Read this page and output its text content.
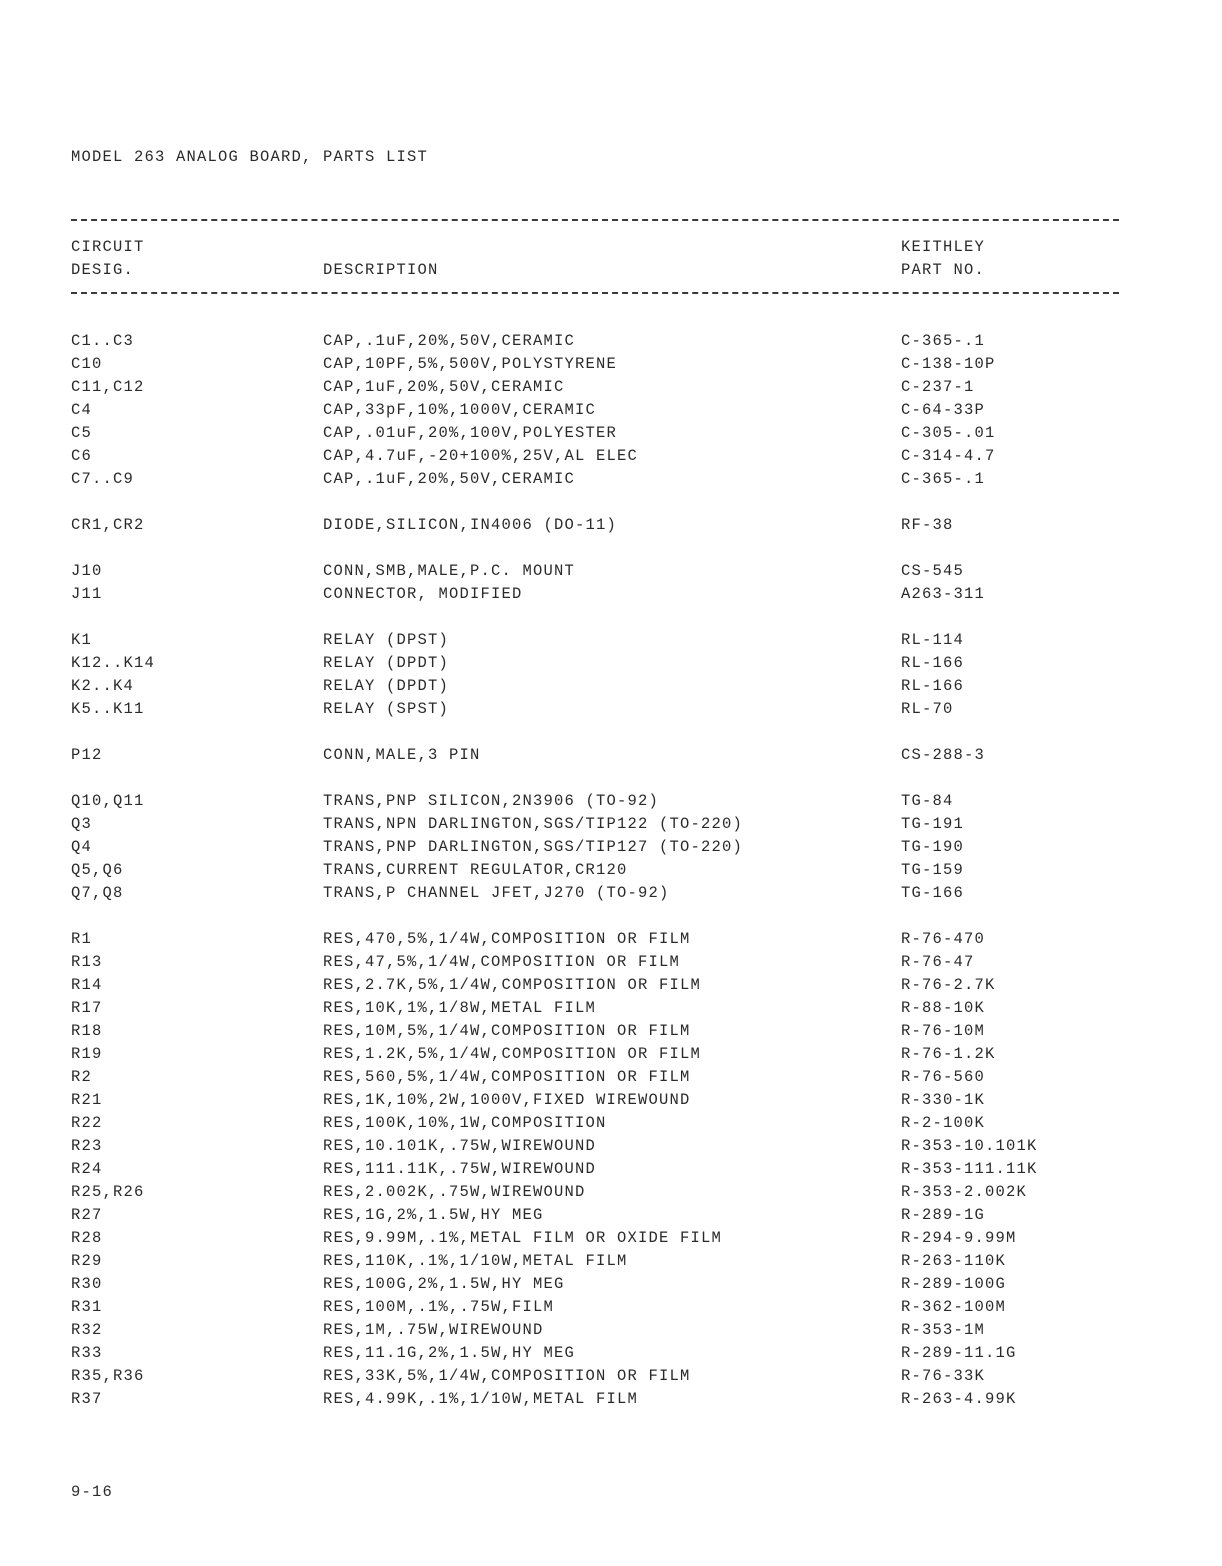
MODEL 263 ANALOG BOARD, PARTS LIST
CIRCUIT
DESIG.	DESCRIPTION
KEITHLEY
PART NO.
C1..C3	CAP,.1uF,20%,50V,CERAMIC	C-365-.1
C10	CAP,10PF,5%,500V,POLYSTYRENE	C-138-10P
C11,C12	CAP,1uF,20%,50V,CERAMIC	C-237-1
C4	CAP,33pF,10%,1000V,CERAMIC	C-64-33P
C5	CAP,.01uF,20%,100V,POLYESTER	C-305-.01
C6	CAP,4.7uF,-20+100%,25V,AL ELEC	C-314-4.7
C7..C9	CAP,.1uF,20%,50V,CERAMIC	C-365-.1
CR1,CR2	DIODE,SILICON,IN4006 (DO-11)	RF-38
J10	CONN,SMB,MALE,P.C. MOUNT	CS-545
J11	CONNECTOR, MODIFIED	A263-311
K1	RELAY (DPST)	RL-114
K12..K14	RELAY (DPDT)	RL-166
K2..K4	RELAY (DPDT)	RL-166
K5..K11	RELAY (SPST)	RL-70
P12	CONN,MALE,3 PIN	CS-288-3
Q10,Q11	TRANS,PNP SILICON,2N3906 (TO-92)	TG-84
Q3	TRANS,NPN DARLINGTON,SGS/TIP122 (TO-220)	TG-191
Q4	TRANS,PNP DARLINGTON,SGS/TIP127 (TO-220)	TG-190
Q5,Q6	TRANS,CURRENT REGULATOR,CR120	TG-159
Q7,Q8	TRANS,P CHANNEL JFET,J270 (TO-92)	TG-166
R1	RES,470,5%,1/4W,COMPOSITION OR FILM	R-76-470
R13	RES,47,5%,1/4W,COMPOSITION OR FILM	R-76-47
R14	RES,2.7K,5%,1/4W,COMPOSITION OR FILM	R-76-2.7K
R17	RES,10K,1%,1/8W,METAL FILM	R-88-10K
R18	RES,10M,5%,1/4W,COMPOSITION OR FILM	R-76-10M
R19	RES,1.2K,5%,1/4W,COMPOSITION OR FILM	R-76-1.2K
R2	RES,560,5%,1/4W,COMPOSITION OR FILM	R-76-560
R21	RES,1K,10%,2W,1000V,FIXED WIREWOUND	R-330-1K
R22	RES,100K,10%,1W,COMPOSITION	R-2-100K
R23	RES,10.101K,.75W,WIREWOUND	R-353-10.101K
R24	RES,111.11K,.75W,WIREWOUND	R-353-111.11K
R25,R26	RES,2.002K,.75W,WIREWOUND	R-353-2.002K
R27	RES,1G,2%,1.5W,HY MEG	R-289-1G
R28	RES,9.99M,.1%,METAL FILM OR OXIDE FILM	R-294-9.99M
R29	RES,110K,.1%,1/10W,METAL FILM	R-263-110K
R30	RES,100G,2%,1.5W,HY MEG	R-289-100G
R31	RES,100M,.1%,.75W,FILM	R-362-100M
R32	RES,1M,.75W,WIREWOUND	R-353-1M
R33	RES,11.1G,2%,1.5W,HY MEG	R-289-11.1G
R35,R36	RES,33K,5%,1/4W,COMPOSITION OR FILM	R-76-33K
R37	RES,4.99K,.1%,1/10W,METAL FILM	R-263-4.99K
9-16
